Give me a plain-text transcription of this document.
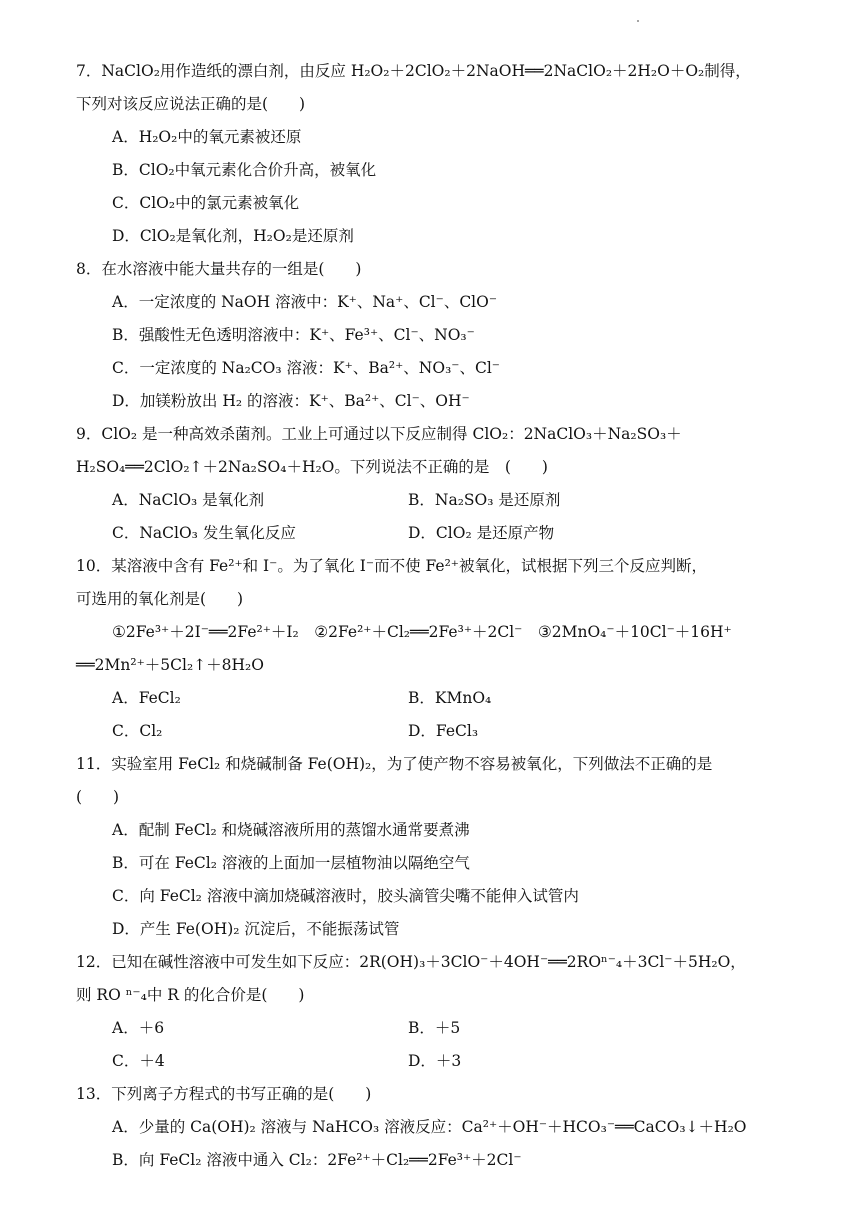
7．NaClO₂用作造纸的漂白剂，由反应 H₂O₂＋2ClO₂＋2NaOH══2NaClO₂＋2H₂O＋O₂制得，
下列对该反应说法正确的是(　　)
A．H₂O₂中的氧元素被还原
B．ClO₂中氧元素化合价升高，被氧化
C．ClO₂中的氯元素被氧化
D．ClO₂是氧化剂，H₂O₂是还原剂
8．在水溶液中能大量共存的一组是(　　)
A．一定浓度的 NaOH 溶液中：K⁺、Na⁺、Cl⁻、ClO⁻
B．强酸性无色透明溶液中：K⁺、Fe³⁺、Cl⁻、NO₃⁻
C．一定浓度的 Na₂CO₃ 溶液：K⁺、Ba²⁺、NO₃⁻、Cl⁻
D．加镁粉放出 H₂ 的溶液：K⁺、Ba²⁺、Cl⁻、OH⁻
9．ClO₂ 是一种高效杀菌剂。工业上可通过以下反应制得 ClO₂：2NaClO₃＋Na₂SO₃＋
H₂SO₄══2ClO₂↑＋2Na₂SO₄＋H₂O。下列说法不正确的是　(　　)
A．NaClO₃ 是氧化剂	B．Na₂SO₃ 是还原剂
C．NaClO₃ 发生氧化反应	D．ClO₂ 是还原产物
10．某溶液中含有 Fe²⁺和 I⁻。为了氧化 I⁻而不使 Fe²⁺被氧化，试根据下列三个反应判断，
可选用的氧化剂是(　　)
①2Fe³⁺＋2I⁻══2Fe²⁺＋I₂　②2Fe²⁺＋Cl₂══2Fe³⁺＋2Cl⁻　③2MnO₄⁻＋10Cl⁻＋16H⁺
══2Mn²⁺＋5Cl₂↑＋8H₂O
A．FeCl₂	B．KMnO₄
C．Cl₂	D．FeCl₃
11．实验室用 FeCl₂ 和烧碱制备 Fe(OH)₂，为了使产物不容易被氧化，下列做法不正确的是
(　　)
A．配制 FeCl₂ 和烧碱溶液所用的蒸馏水通常要煮沸
B．可在 FeCl₂ 溶液的上面加一层植物油以隔绝空气
C．向 FeCl₂ 溶液中滴加烧碱溶液时，胶头滴管尖嘴不能伸入试管内
D．产生 Fe(OH)₂ 沉淀后，不能振荡试管
12．已知在碱性溶液中可发生如下反应：2R(OH)₃＋3ClO⁻＋4OH⁻══2ROⁿ⁻₄＋3Cl⁻＋5H₂O，
则 RO ⁿ⁻₄中 R 的化合价是(　　)
A．＋6	B．＋5
C．＋4	D．＋3
13．下列离子方程式的书写正确的是(　　)
A．少量的 Ca(OH)₂ 溶液与 NaHCO₃ 溶液反应：Ca²⁺＋OH⁻＋HCO₃⁻══CaCO₃↓＋H₂O
B．向 FeCl₂ 溶液中通入 Cl₂：2Fe²⁺＋Cl₂══2Fe³⁺＋2Cl⁻
